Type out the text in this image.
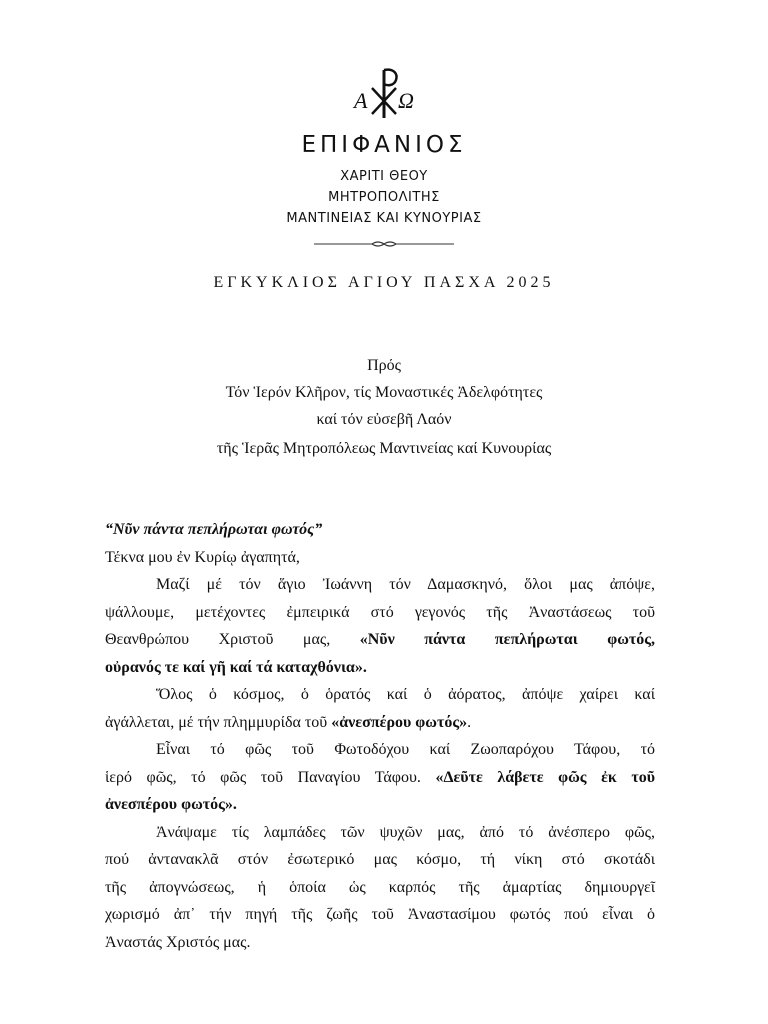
Α Ω
ΕΠΙΦΑΝΙΟΣ
ΧΑΡΙΤΙ ΘΕΟΥ
ΜΗΤΡΟΠΟΛΙΤΗΣ
ΜΑΝΤΙΝΕΙΑΣ ΚΑΙ ΚΥΝΟΥΡΙΑΣ
ΕΓΚΥΚΛΙΟΣ ΑΓΙΟΥ ΠΑΣΧΑ 2025
Πρός
Τόν Ἱερόν Κλῆρον, τίς Μοναστικές Ἀδελφότητες
καί τόν εὐσεβῆ Λαόν
τῆς Ἱερᾶς Μητροπόλεως Μαντινείας καί Κυνουρίας
“Νῦν πάντα πεπλήρωται φωτός”
Τέκνα μου ἐν Κυρίῳ ἀγαπητά,
Μαζί μέ τόν ἅγιο Ἰωάννη τόν Δαμασκηνό, ὅλοι μας ἀπόψε,
ψάλλουμε, μετέχοντες ἐμπειρικά στό γεγονός τῆς Ἀναστάσεως τοῦ
Θεανθρώπου Χριστοῦ μας, «Νῦν πάντα πεπλήρωται φωτός,
οὐρανός τε καί γῆ καί τά καταχθόνια».
Ὅλος ὁ κόσμος, ὁ ὁρατός καί ὁ ἀόρατος, ἀπόψε χαίρει καί
ἀγάλλεται, μέ τήν πλημμυρίδα τοῦ «ἀνεσπέρου φωτός».
Εἶναι τό φῶς τοῦ Φωτοδόχου καί Ζωοπαρόχου Τάφου, τό
ἱερό φῶς, τό φῶς τοῦ Παναγίου Τάφου. «Δεῦτε λάβετε φῶς ἐκ τοῦ
ἀνεσπέρου φωτός».
Ἀνάψαμε τίς λαμπάδες τῶν ψυχῶν μας, ἀπό τό ἀνέσπερο φῶς,
πού ἀντανακλᾶ στόν ἐσωτερικό μας κόσμο, τή νίκη στό σκοτάδι
τῆς ἀπογνώσεως, ἡ ὁποία ὡς καρπός τῆς ἁμαρτίας δημιουργεῖ
χωρισμό ἀπ᾽ τήν πηγή τῆς ζωῆς τοῦ Ἀναστασίμου φωτός πού εἶναι ὁ
Ἀναστάς Χριστός μας.
